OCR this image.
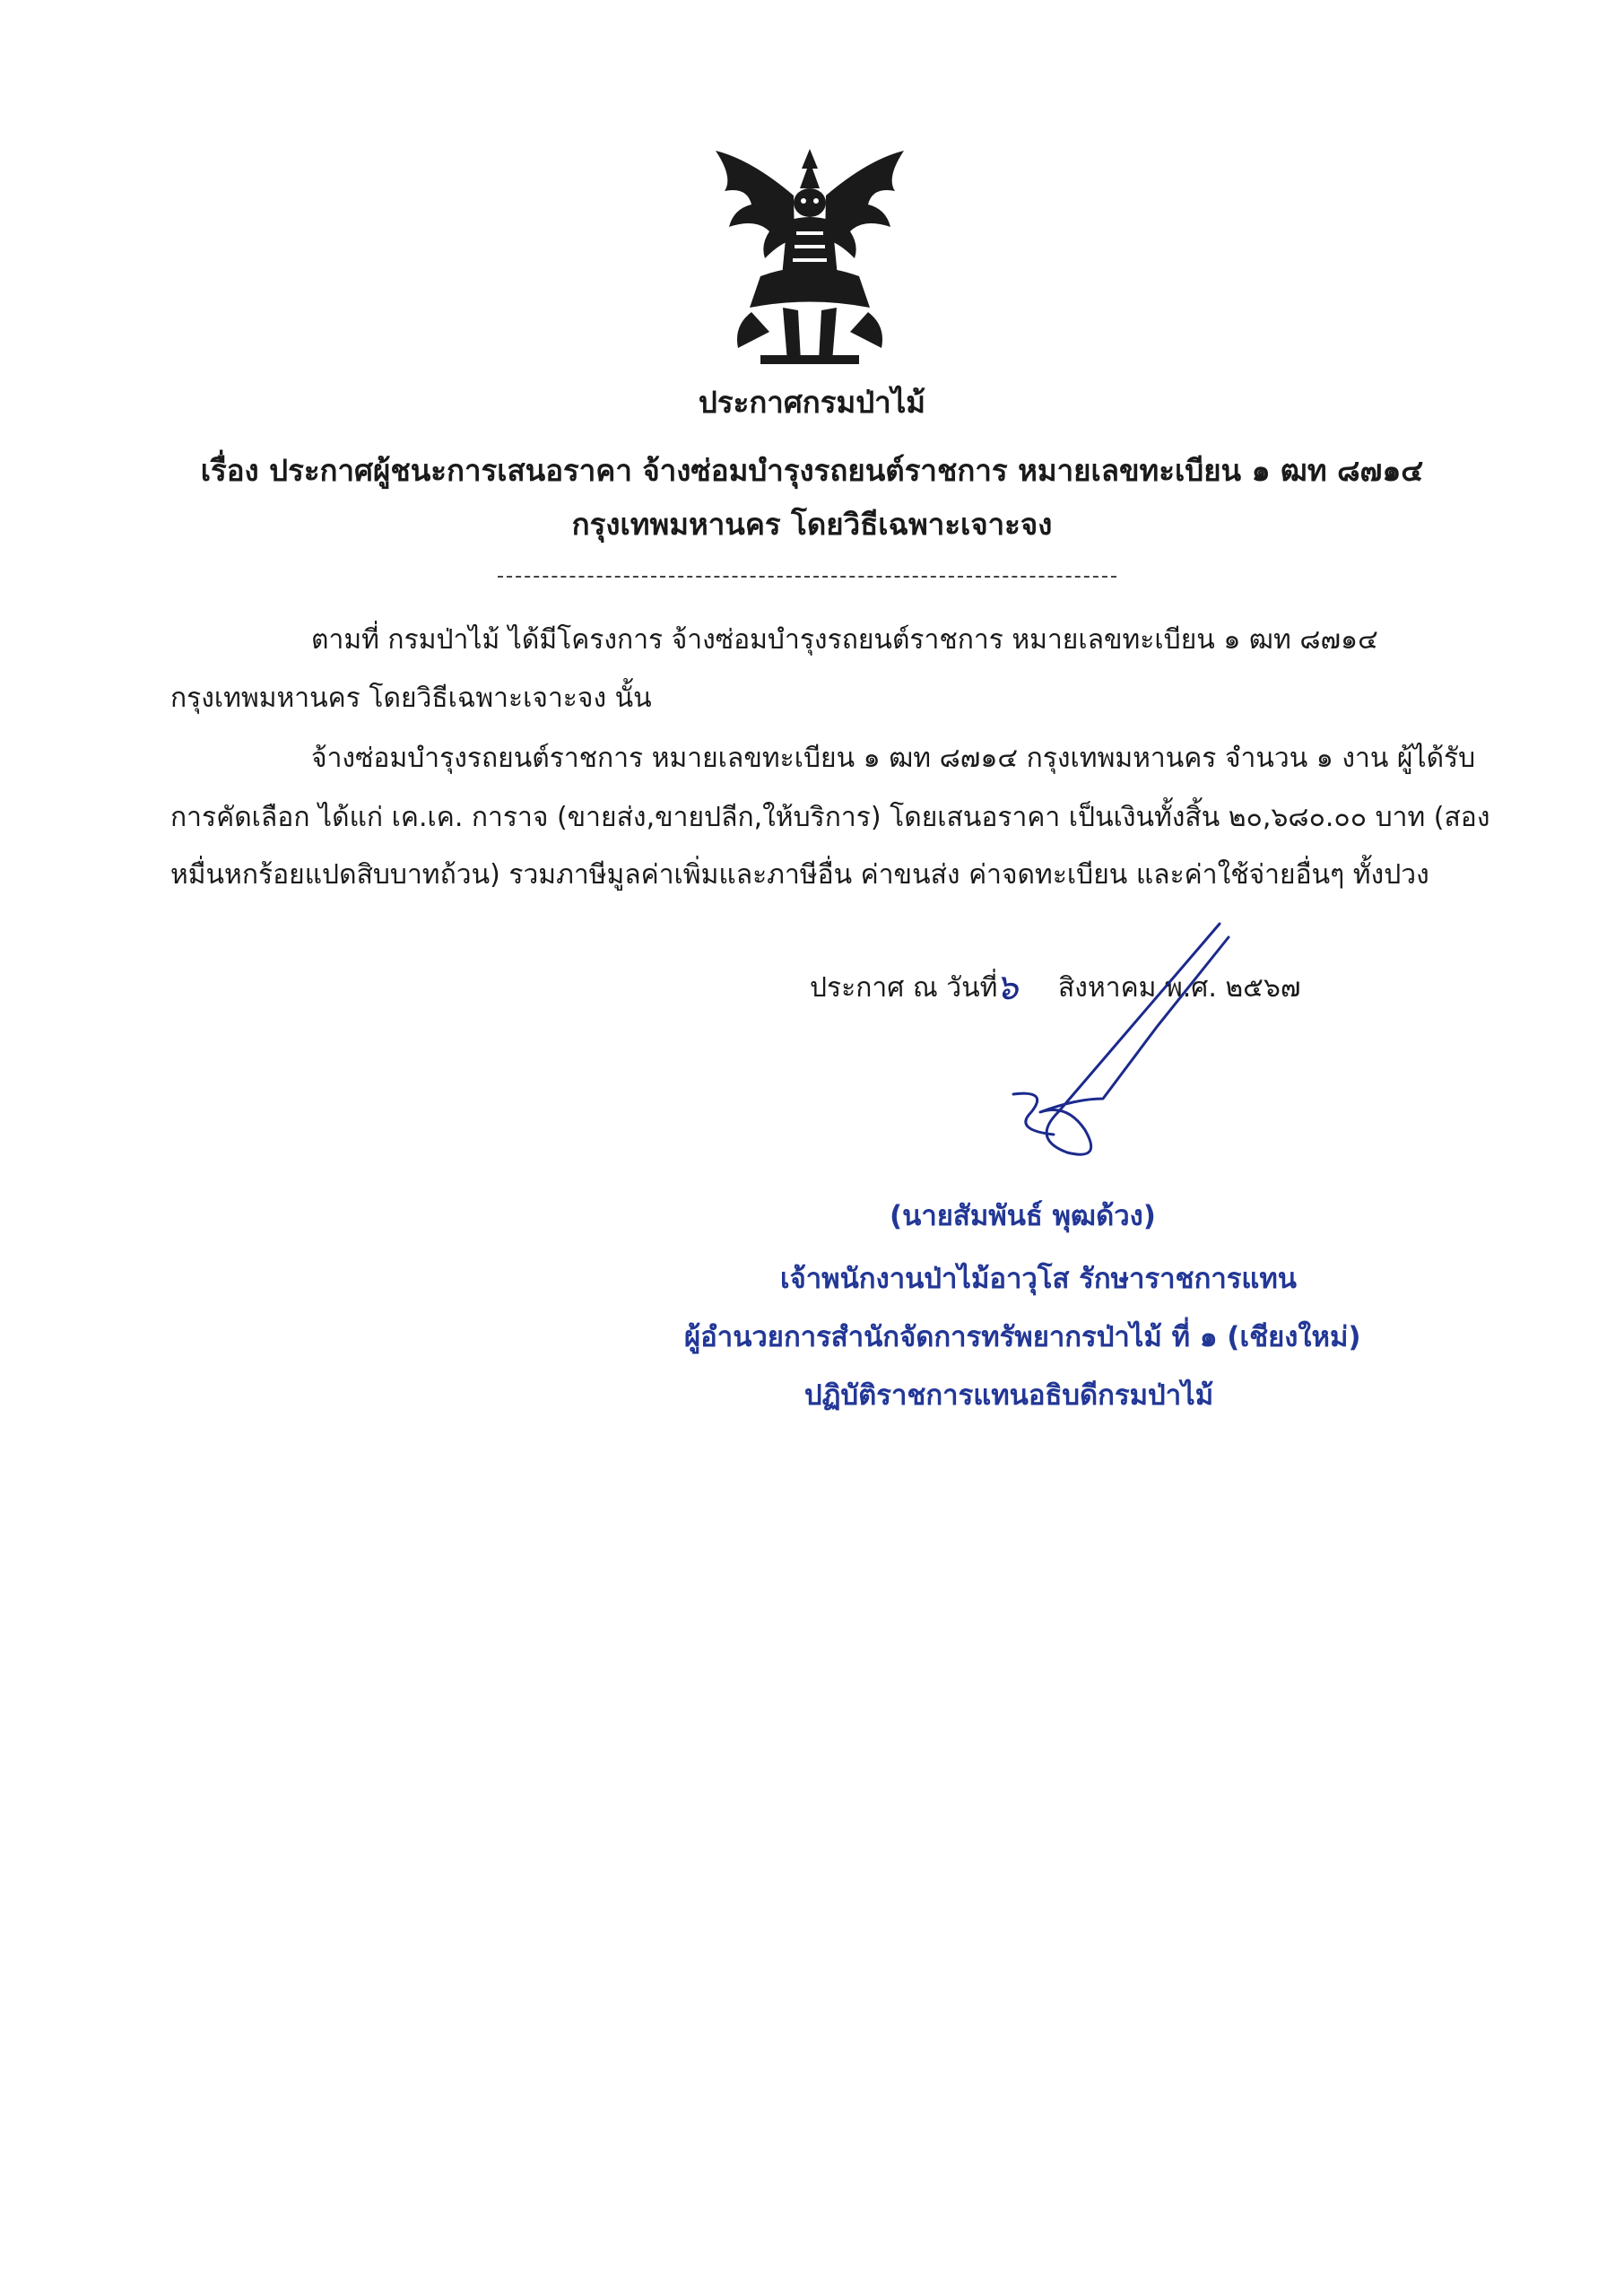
ประกาศกรมป่าไม้
เรื่อง ประกาศผู้ชนะการเสนอราคา จ้างซ่อมบำรุงรถยนต์ราชการ หมายเลขทะเบียน ๑ ฒท ๘๗๑๔
กรุงเทพมหานคร โดยวิธีเฉพาะเจาะจง
ตามที่ กรมป่าไม้ ได้มีโครงการ จ้างซ่อมบำรุงรถยนต์ราชการ หมายเลขทะเบียน ๑ ฒท ๘๗๑๔
กรุงเทพมหานคร โดยวิธีเฉพาะเจาะจง นั้น
จ้างซ่อมบำรุงรถยนต์ราชการ หมายเลขทะเบียน ๑ ฒท ๘๗๑๔ กรุงเทพมหานคร จำนวน ๑ งาน ผู้ได้รับ
การคัดเลือก ได้แก่ เค.เค. การาจ (ขายส่ง,ขายปลีก,ให้บริการ) โดยเสนอราคา เป็นเงินทั้งสิ้น ๒๐,๖๘๐.๐๐ บาท (สอง
หมื่นหกร้อยแปดสิบบาทถ้วน) รวมภาษีมูลค่าเพิ่มและภาษีอื่น ค่าขนส่ง ค่าจดทะเบียน และค่าใช้จ่ายอื่นๆ ทั้งปวง
ประกาศ ณ วันที่
๖ สิงหาคม พ.ศ. ๒๕๖๗
(นายสัมพันธ์ พุฒด้วง)
เจ้าพนักงานป่าไม้อาวุโส รักษาราชการแทน
ผู้อำนวยการสำนักจัดการทรัพยากรป่าไม้ ที่ ๑ (เชียงใหม่)
ปฏิบัติราชการแทนอธิบดีกรมป่าไม้
